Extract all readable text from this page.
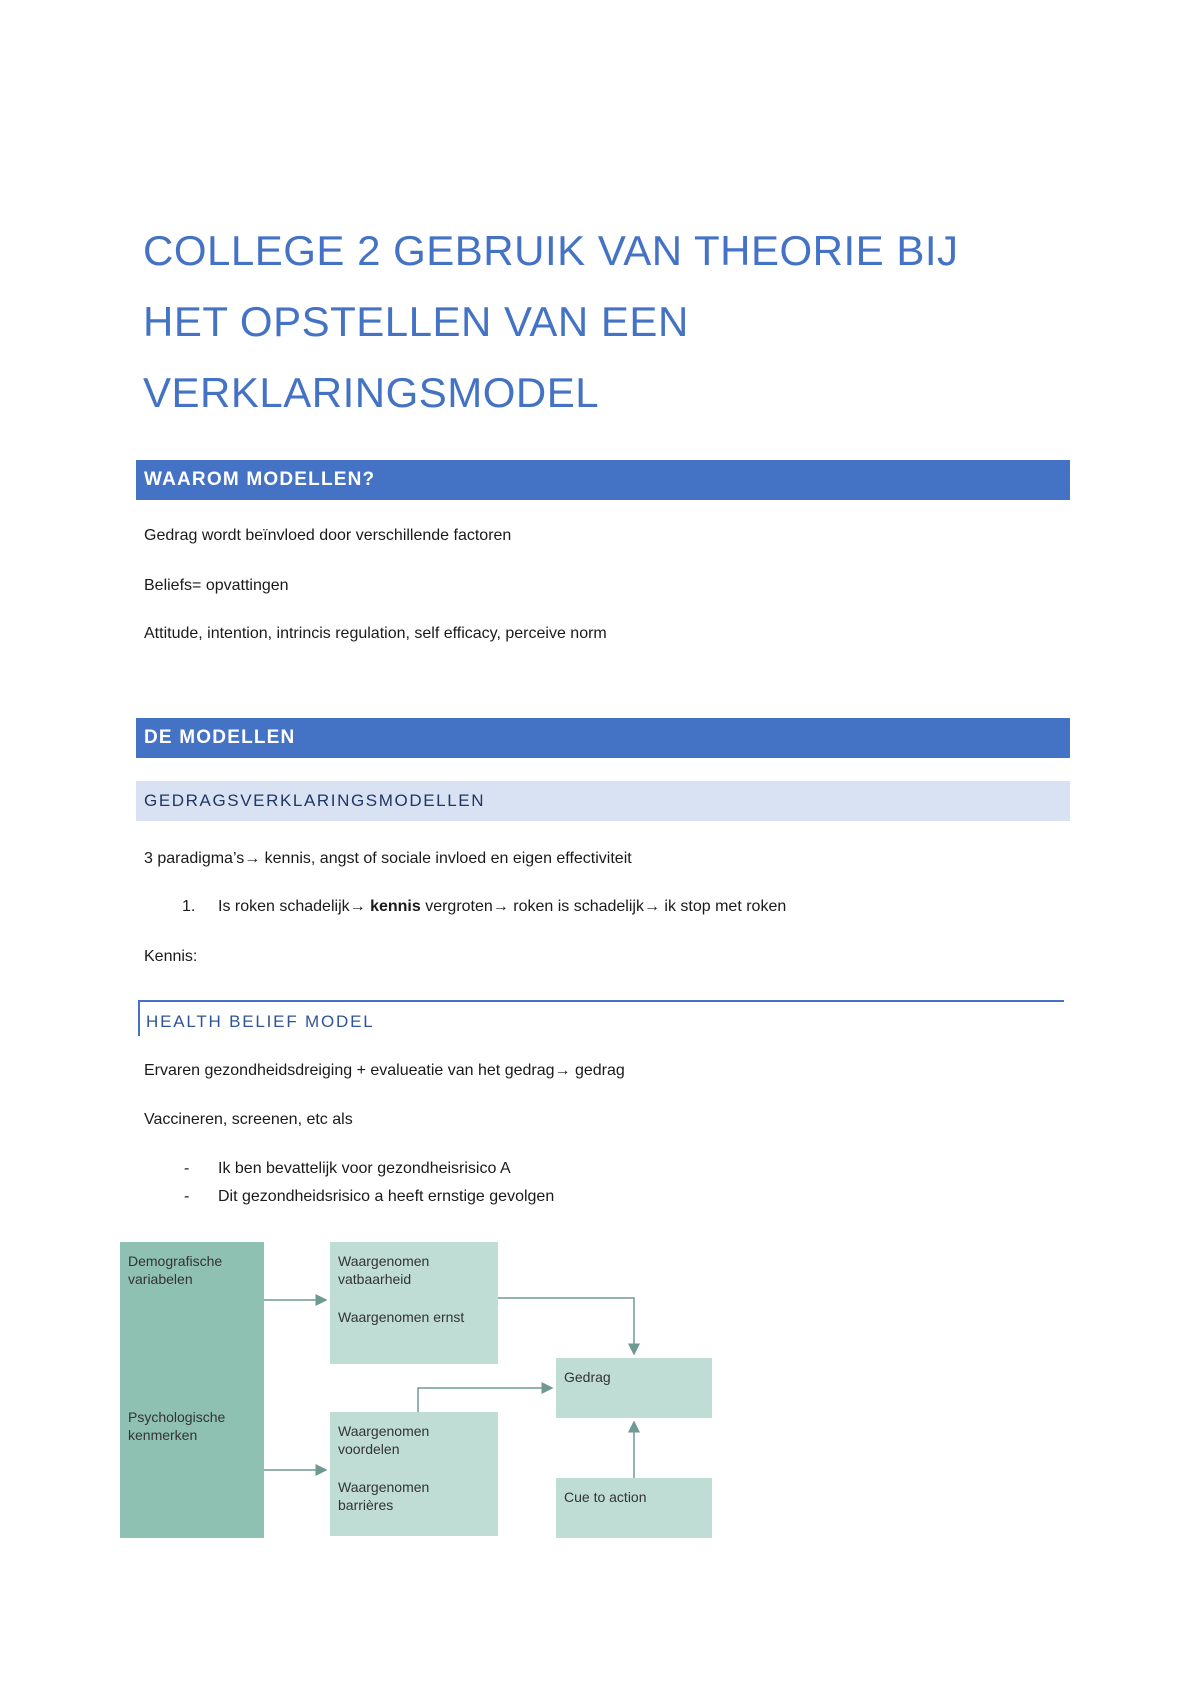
COLLEGE 2 GEBRUIK VAN THEORIE BIJ
HET OPSTELLEN VAN EEN
VERKLARINGSMODEL
WAAROM MODELLEN?
Gedrag wordt beïnvloed door verschillende factoren
Beliefs= opvattingen
Attitude, intention, intrincis regulation, self efficacy, perceive norm
DE MODELLEN
GEDRAGSVERKLARINGSMODELLEN
3 paradigma’s→ kennis, angst of sociale invloed en eigen effectiviteit
1. Is roken schadelijk→ kennis vergroten→ roken is schadelijk→ ik stop met roken
Kennis:
HEALTH BELIEF MODEL
Ervaren gezondheidsdreiging + evalueatie van het gedrag→ gedrag
Vaccineren, screenen, etc als
- Ik ben bevattelijk voor gezondheisrisico A
- Dit gezondheidsrisico a heeft ernstige gevolgen
Demografische
variabelen
Psychologische
kenmerken
Waargenomen
vatbaarheid
Waargenomen ernst
Waargenomen
voordelen
Waargenomen
barrières
Gedrag
Cue to action
